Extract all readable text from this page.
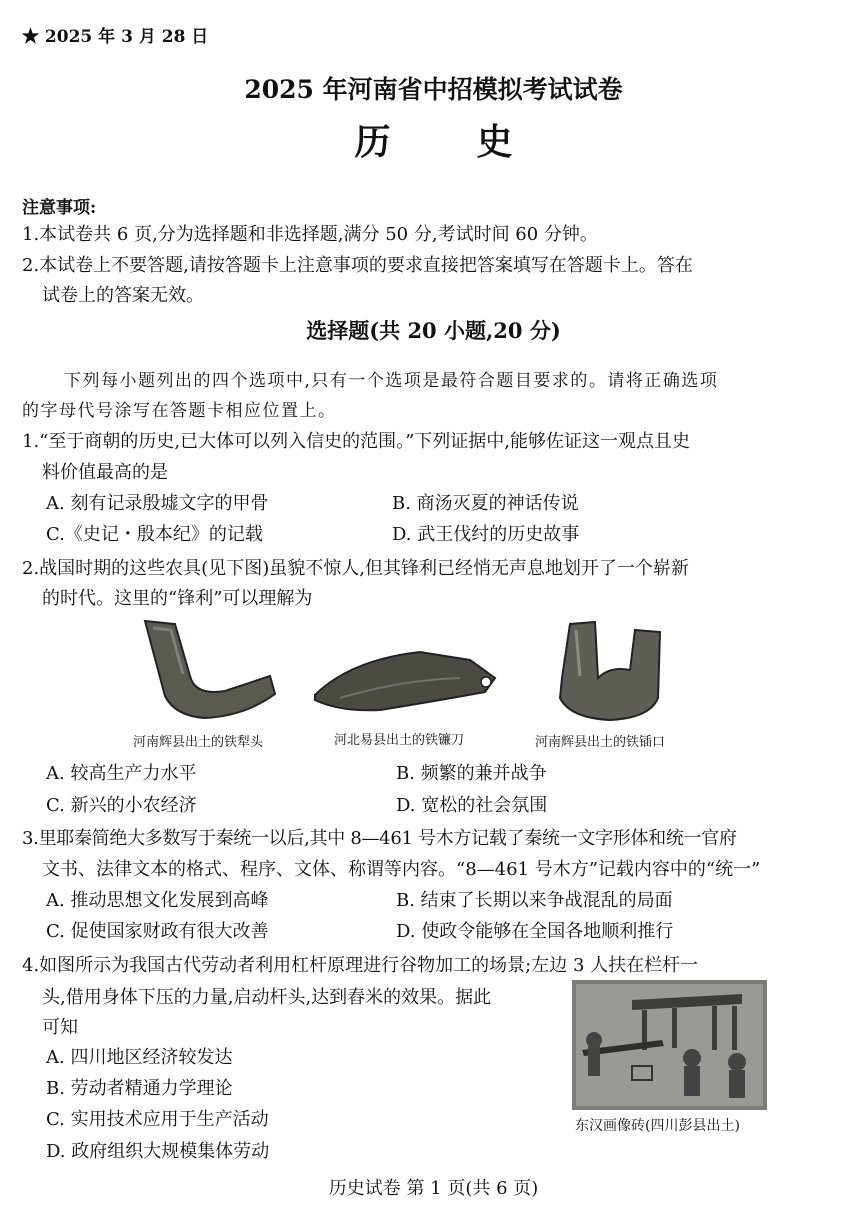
★ 2025 年 3 月 28 日
2025 年河南省中招模拟考试试卷
历史
注意事项:
1.本试卷共 6 页,分为选择题和非选择题,满分 50 分,考试时间 60 分钟。
2.本试卷上不要答题,请按答题卡上注意事项的要求直接把答案填写在答题卡上。答在
试卷上的答案无效。
选择题(共 20 小题,20 分)
下列每小题列出的四个选项中,只有一个选项是最符合题目要求的。请将正确选项
的字母代号涂写在答题卡相应位置上。
1.“至于商朝的历史,已大体可以列入信史的范围。”下列证据中,能够佐证这一观点且史
料价值最高的是
A. 刻有记录殷墟文字的甲骨	B. 商汤灭夏的神话传说
C.《史记・殷本纪》的记载	D. 武王伐纣的历史故事
2.战国时期的这些农具(见下图)虽貌不惊人,但其锋利已经悄无声息地划开了一个崭新
的时代。这里的“锋利”可以理解为
河南辉县出土的铁犁头	河北易县出土的铁镰刀	河南辉县出土的铁锸口
A. 较高生产力水平	B. 频繁的兼并战争
C. 新兴的小农经济	D. 宽松的社会氛围
3.里耶秦简绝大多数写于秦统一以后,其中 8—461 号木方记载了秦统一文字形体和统一官府
文书、法律文本的格式、程序、文体、称谓等内容。“8—461 号木方”记载内容中的“统一”
A. 推动思想文化发展到高峰	B. 结束了长期以来争战混乱的局面
C. 促使国家财政有很大改善	D. 使政令能够在全国各地顺利推行
4.如图所示为我国古代劳动者利用杠杆原理进行谷物加工的场景;左边 3 人扶在栏杆一
头,借用身体下压的力量,启动杆头,达到舂米的效果。据此
可知
A. 四川地区经济较发达
B. 劳动者精通力学理论
C. 实用技术应用于生产活动
D. 政府组织大规模集体劳动
东汉画像砖(四川彭县出土)
历史试卷 第 1 页(共 6 页)
